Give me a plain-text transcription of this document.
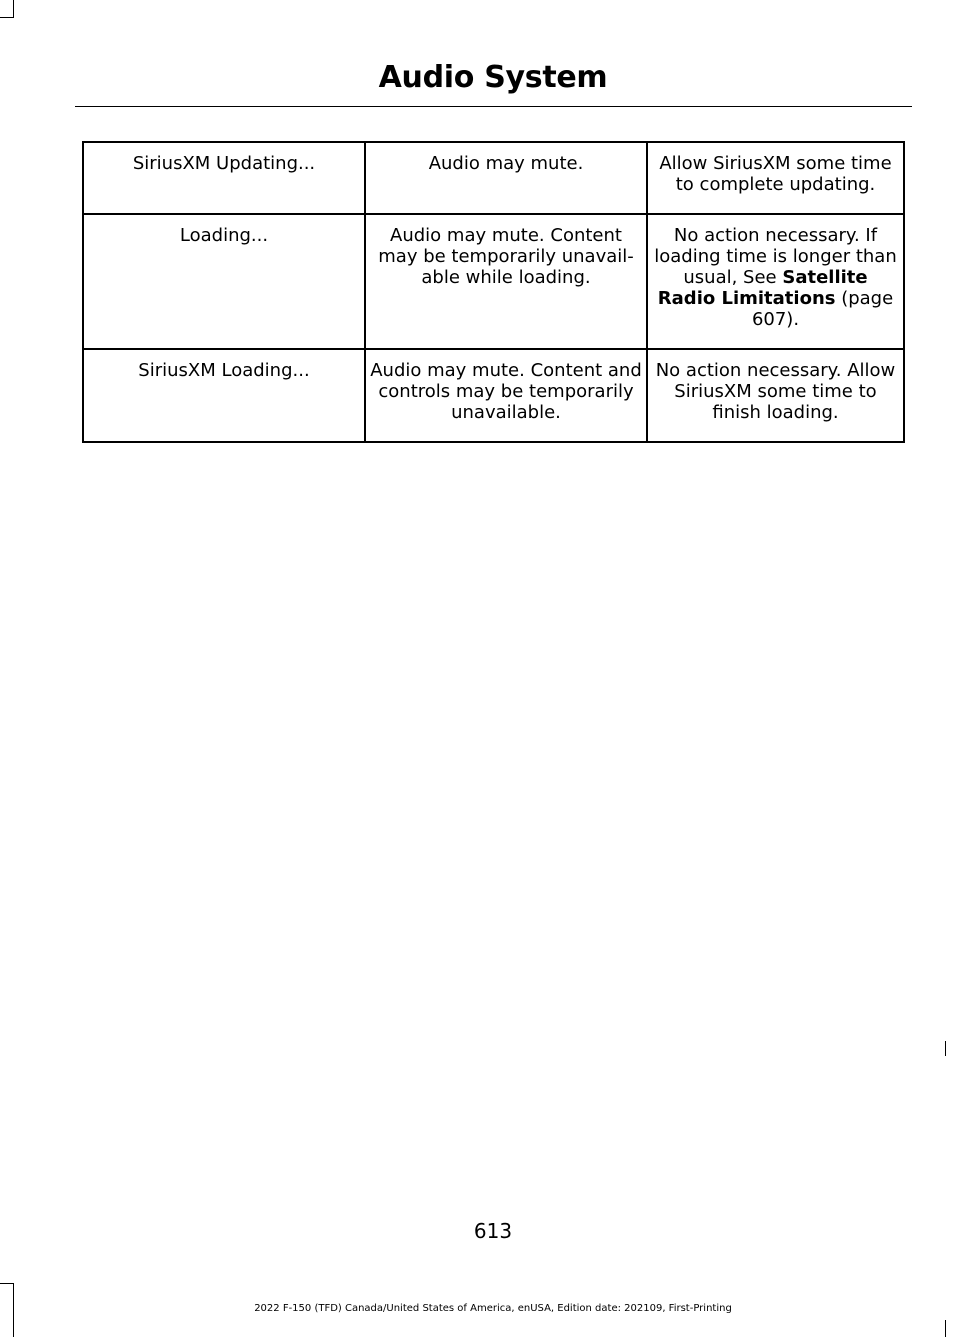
Audio System
SiriusXM Updating...	Audio may mute.	Allow SiriusXM some time to complete updating.
Loading...	Audio may mute. Content may be temporarily unavail-able while loading.	No action necessary. If loading time is longer than usual, See Satellite Radio Limitations (page 607).
SiriusXM Loading...	Audio may mute. Content and controls may be temporarily unavailable.	No action necessary. Allow SiriusXM some time to finish loading.
613
2022 F-150 (TFD) Canada/United States of America, enUSA, Edition date: 202109, First-Printing
